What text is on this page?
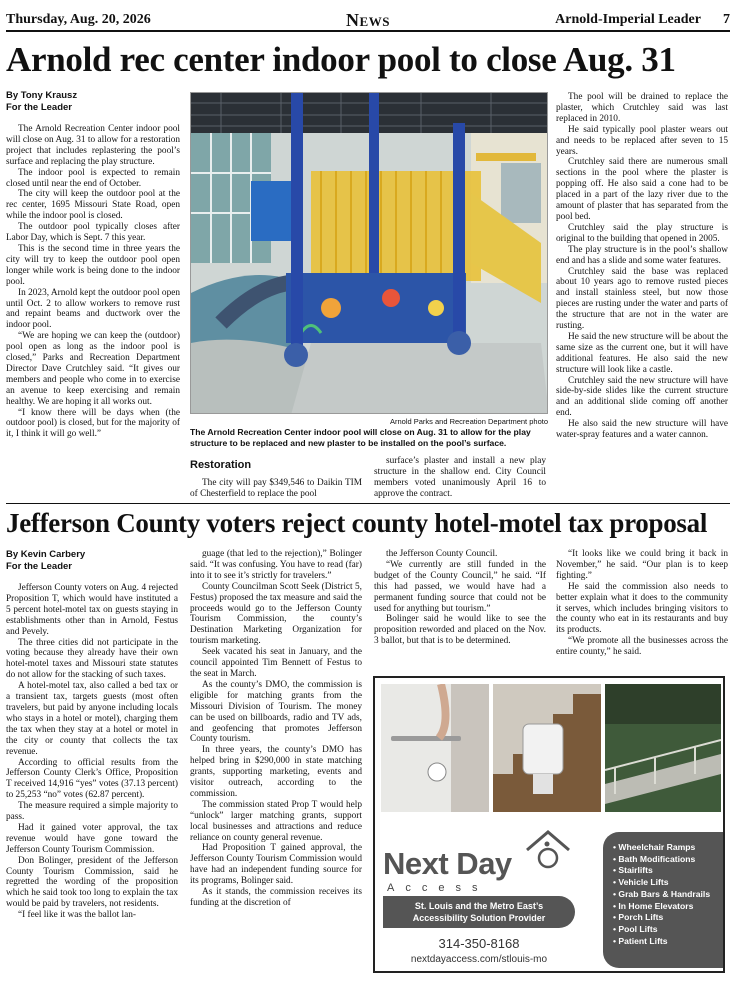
Thursday, Aug. 20, 2026	News	Arnold-Imperial Leader 7
Arnold rec center indoor pool to close Aug. 31
By Tony Krausz
For the Leader

The Arnold Recreation Center indoor pool will close on Aug. 31 to allow for a restoration project that includes replastering the pool’s surface and replacing the play structure.

The indoor pool is expected to remain closed until near the end of October.

The city will keep the outdoor pool at the rec center, 1695 Missouri State Road, open while the indoor pool is closed.

The outdoor pool typically closes after Labor Day, which is Sept. 7 this year.

This is the second time in three years the city will try to keep the outdoor pool open longer while work is being done to the indoor pool.

In 2023, Arnold kept the outdoor pool open until Oct. 2 to allow workers to remove rust and repaint beams and ductwork over the indoor pool.

“We are hoping we can keep the (outdoor) pool open as long as the indoor pool is closed,” Parks and Recreation Department Director Dave Crutchley said. “It gives our members and people who come in to exercise an avenue to keep exercising and remain healthy. We are hoping it all works out.

“I know there will be days when (the outdoor pool) is closed, but for the majority of it, I think it will go well.”

Arnold Parks and Recreation Department photo
The Arnold Recreation Center indoor pool will close on Aug. 31 to allow for the play structure to be replaced and new plaster to be installed on the pool’s surface.
Restoration

The city will pay $349,546 to Daikin TIM of Chesterfield to replace the pool

surface’s plaster and install a new play structure in the shallow end. City Council members voted unanimously April 16 to approve the contract.

The pool will be drained to replace the plaster, which Crutchley said was last replaced in 2010.

He said typically pool plaster wears out and needs to be replaced after seven to 15 years.

Crutchley said there are numerous small sections in the pool where the plaster is popping off. He also said a cone had to be placed in a part of the lazy river due to the amount of plaster that has separated from the pool bed.

Crutchley said the play structure is original to the building that opened in 2005.

The play structure is in the pool’s shallow end and has a slide and some water features.

Crutchley said the base was replaced about 10 years ago to remove rusted pieces and install stainless steel, but now those pieces are rusting under the water and parts of the structure that are not in the water are rusting.

He said the new structure will be about the same size as the current one, but it will have additional features. He also said the new structure will look like a castle.

Crutchley said the new structure will have side-by-side slides like the current structure and an additional slide coming off another end.

He also said the new structure will have water-spray features and a water cannon.

Jefferson County voters reject county hotel-motel tax proposal
By Kevin Carbery
For the Leader

Jefferson County voters on Aug. 4 rejected Proposition T, which would have instituted a 5 percent hotel-motel tax on guests staying in establishments other than in Arnold, Festus and Pevely.

The three cities did not participate in the voting because they already have their own hotel-motel taxes and Missouri state statutes do not allow for the stacking of such taxes.

A hotel-motel tax, also called a bed tax or a transient tax, targets guests (most often travelers, but paid by anyone including locals who stays in a hotel or motel), charging them the tax when they stay at a hotel or motel in the city or county that collects the tax revenue.

According to official results from the Jefferson County Clerk’s Office, Proposition T received 14,916 “yes” votes (37.13 percent) to 25,253 “no” votes (62.87 percent).

The measure required a simple majority to pass.

Had it gained voter approval, the tax revenue would have gone toward the Jefferson County Tourism Commission.

Don Bolinger, president of the Jefferson County Tourism Commission, said he regretted the wording of the proposition which he said took too long to explain the tax would be paid by travelers, not residents.

“I feel like it was the ballot lan-

guage (that led to the rejection),” Bolinger said. “It was confusing. You have to read (far) into it to see it’s strictly for travelers.”

County Councilman Scott Seek (District 5, Festus) proposed the tax measure and said the proceeds would go to the Jefferson County Tourism Commission, the county’s Destination Marketing Organization for tourism marketing.

Seek vacated his seat in January, and the council appointed Tim Bennett of Festus to the seat in March.

As the county’s DMO, the commission is eligible for matching grants from the Missouri Division of Tourism. The money can be used on billboards, radio and TV ads, and geofencing that promotes Jefferson County tourism.

In three years, the county’s DMO has helped bring in $290,000 in state matching grants, supporting marketing, events and visitor outreach, according to the commission.

The commission stated Prop T would help “unlock” larger matching grants, support local businesses and attractions and reduce reliance on county general revenue.

Had Proposition T gained approval, the Jefferson County Tourism Commission would have had an independent funding source for its programs, Bolinger said.

As it stands, the commission receives its funding at the discretion of

the Jefferson County Council.

“We currently are still funded in the budget of the County Council,” he said. “If this had passed, we would have had a permanent funding source that could not be used for anything but tourism.”

Bolinger said he would like to see the proposition reworded and placed on the Nov. 3 ballot, but that is to be determined.

“It looks like we could bring it back in November,” he said. “Our plan is to keep fighting.”

He said the commission also needs to better explain what it does to the community it serves, which includes bringing visitors to the county who eat in its restaurants and buy its products.

“We promote all the businesses across the entire county,” he said.

Next Day
Access
St. Louis and the Metro East’s
Accessibility Solution Provider
314-350-8168
nextdayaccess.com/stlouis-mo
• Wheelchair Ramps
• Bath Modifications
• Stairlifts
• Vehicle Lifts
• Grab Bars & Handrails
• In Home Elevators
• Porch Lifts
• Pool Lifts
• Patient Lifts
